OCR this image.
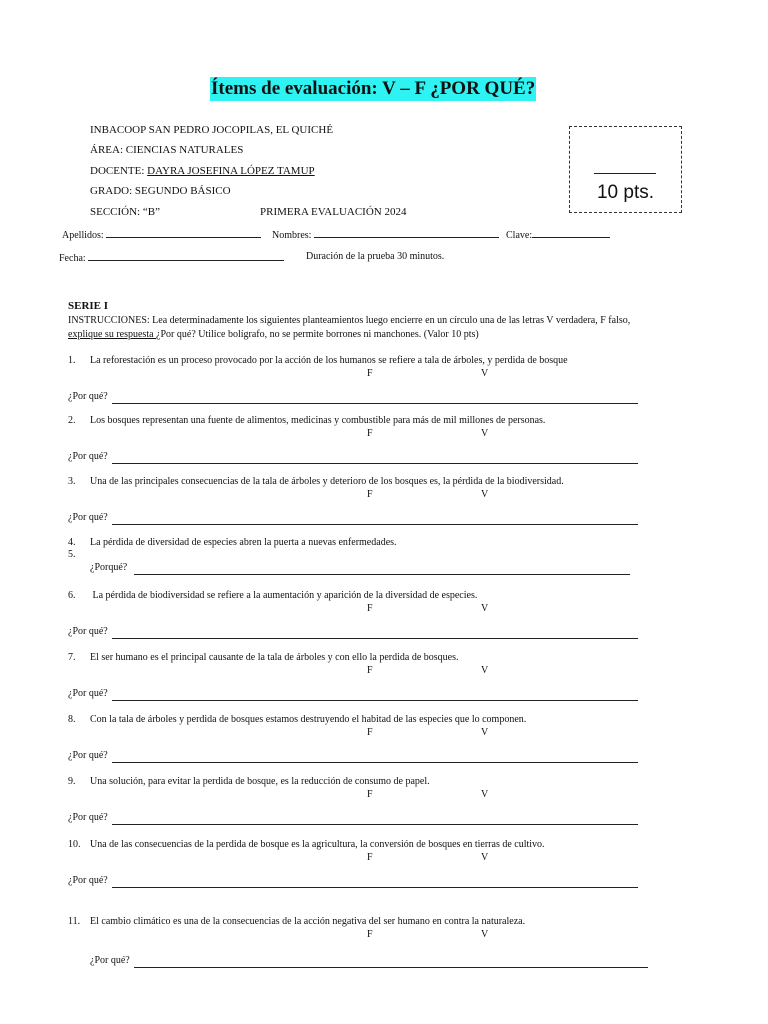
Ítems de evaluación: V – F ¿POR QUÉ?
INBACOOP SAN PEDRO JOCOPILAS, EL QUICHÉ
ÁREA: CIENCIAS NATURALES
DOCENTE: DAYRA JOSEFINA LÓPEZ TAMUP
GRADO: SEGUNDO BÁSICO
SECCIÓN: “B”	PRIMERA EVALUACIÓN 2024
10 pts.
Apellidos:	Nombres:	Clave:
Fecha:	Duración de la prueba 30 minutos.
SERIE I
INSTRUCCIONES: Lea determinadamente los siguientes planteamientos luego encierre en un círculo una de las letras V verdadera, F falso,
explique su respuesta ¿Por qué? Utilice bolígrafo, no se permite borrones ni manchones. (Valor 10 pts)
1. La reforestación es un proceso provocado por la acción de los humanos se refiere a tala de árboles, y perdida de bosque
F	V
¿Por qué?
2. Los bosques representan una fuente de alimentos, medicinas y combustible para más de mil millones de personas.
F	V
¿Por qué?
3. Una de las principales consecuencias de la tala de árboles y deterioro de los bosques es, la pérdida de la biodiversidad.
F	V
¿Por qué?
4. La pérdida de diversidad de especies abren la puerta a nuevas enfermedades.
5.
¿Porqué?
6. La pérdida de biodiversidad se refiere a la aumentación y aparición de la diversidad de especies.
F	V
¿Por qué?
7. El ser humano es el principal causante de la tala de árboles y con ello la perdida de bosques.
F	V
¿Por qué?
8. Con la tala de árboles y perdida de bosques estamos destruyendo el habitad de las especies que lo componen.
F	V
¿Por qué?
9. Una solución, para evitar la perdida de bosque, es la reducción de consumo de papel.
F	V
¿Por qué?
10. Una de las consecuencias de la perdida de bosque es la agricultura, la conversión de bosques en tierras de cultivo.
F	V
¿Por qué?
11. El cambio climático es una de la consecuencias de la acción negativa del ser humano en contra la naturaleza.
F	V
¿Por qué?
